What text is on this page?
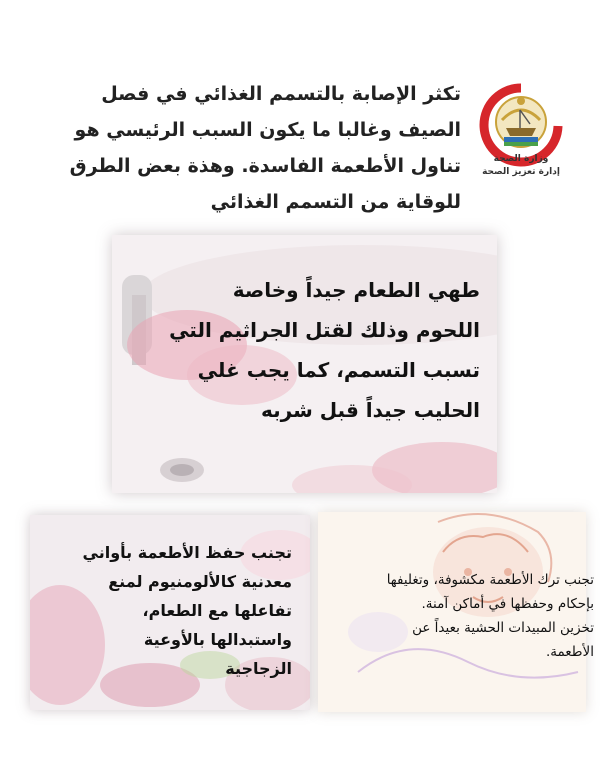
تكثر الإصابة بالتسمم الغذائي في فصل

الصيف وغالبا ما يكون السبب الرئيسي هو

تناول الأطعمة الفاسدة. وهذة بعض الطرق

للوقاية من التسمم الغذائي

وزارة الصحة
إدارة تعزيز الصحة

طهي الطعام جيداً وخاصة

اللحوم وذلك لقتل الجراثيم التي

تسبب التسمم، كما يجب غلي

الحليب جيداً قبل شربه

تجنب حفظ الأطعمة بأواني

معدنية كالألومنيوم لمنع

تفاعلها مع الطعام،

واستبدالها بالأوعية

الزجاجية

تجنب ترك الأطعمة مكشوفة، وتغليفها

بإحكام وحفظها في أماكن آمنة.

تخزين المبيدات الحشية بعيداً عن

الأطعمة.
